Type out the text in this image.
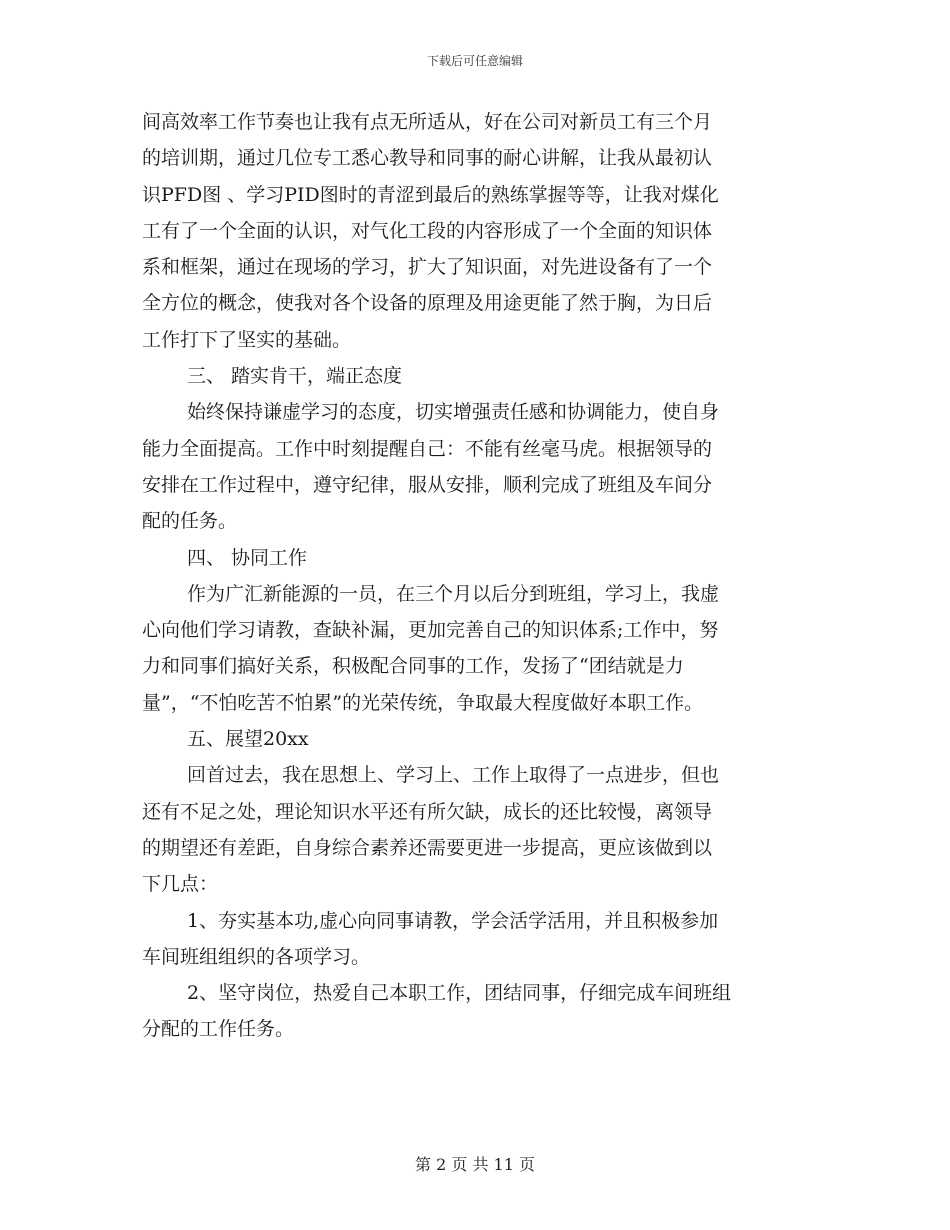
下载后可任意编辑
间高效率工作节奏也让我有点无所适从，好在公司对新员工有三个月
的培训期，通过几位专工悉心教导和同事的耐心讲解，让我从最初认
识PFD图 、学习PID图时的青涩到最后的熟练掌握等等，让我对煤化
工有了一个全面的认识，对气化工段的内容形成了一个全面的知识体
系和框架，通过在现场的学习，扩大了知识面，对先进设备有了一个
全方位的概念，使我对各个设备的原理及用途更能了然于胸，为日后
工作打下了坚实的基础。
三、 踏实肯干，端正态度
始终保持谦虚学习的态度，切实增强责任感和协调能力，使自身
能力全面提高。工作中时刻提醒自己：不能有丝毫马虎。根据领导的
安排在工作过程中，遵守纪律，服从安排，顺利完成了班组及车间分
配的任务。
四、 协同工作
作为广汇新能源的一员，在三个月以后分到班组，学习上，我虚
心向他们学习请教，查缺补漏，更加完善自己的知识体系;工作中，努
力和同事们搞好关系，积极配合同事的工作，发扬了“团结就是力
量”，“不怕吃苦不怕累”的光荣传统，争取最大程度做好本职工作。
五、展望20xx
回首过去，我在思想上、学习上、工作上取得了一点进步，但也
还有不足之处，理论知识水平还有所欠缺，成长的还比较慢，离领导
的期望还有差距，自身综合素养还需要更进一步提高，更应该做到以
下几点：
1、夯实基本功,虚心向同事请教，学会活学活用，并且积极参加
车间班组组织的各项学习。
2、坚守岗位，热爱自己本职工作，团结同事，仔细完成车间班组
分配的工作任务。
第 2 页 共 11 页
